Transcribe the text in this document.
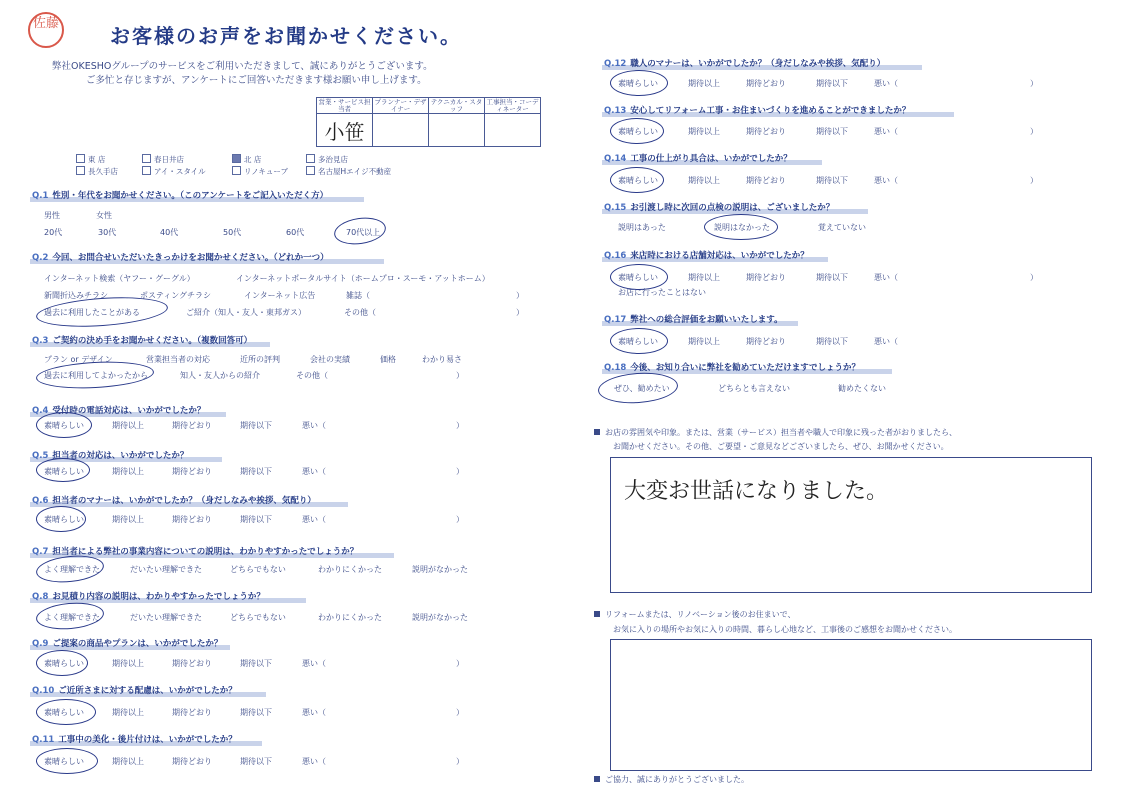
佐藤
お客様のお声をお聞かせください。
弊社OKESHOグループのサービスをご利用いただきまして、誠にありがとうございます。
ご多忙と存じますが、アンケートにご回答いただきます様お願い申し上げます。
営業・サービス担当者	プランナー・デザイナー	テクニカル・スタッフ	工事担当・コーディネーター
小笹			
東 店	春日井店	北 店	多治見店
長久手店	アイ・スタイル	リノキューブ	名古屋Hエイジ不動産
Q.1 性別・年代をお聞かせください。（このアンケートをご記入いただく方）
男性	女性
20代	30代	40代	50代	60代	70代以上
Q.2 今回、お問合せいただいたきっかけをお聞かせください。（どれか一つ）
インターネット検索（ヤフー・グーグル）	インターネットポータルサイト（ホームプロ・スーモ・アットホーム）
新聞折込みチラシ	ポスティングチラシ	インターネット広告	雑誌（	）
過去に利用したことがある	ご紹介（知人・友人・東邦ガス）	その他（	）
Q.3 ご契約の決め手をお聞かせください。（複数回答可）
プラン or デザイン	営業担当者の対応	近所の評判	会社の実績	価格	わかり易さ
過去に利用してよかったから	知人・友人からの紹介	その他（	）
Q.4 受付時の電話対応は、いかがでしたか？
素晴らしい	期待以上	期待どおり	期待以下	悪い（	）
Q.5 担当者の対応は、いかがでしたか？
素晴らしい	期待以上	期待どおり	期待以下	悪い（	）
Q.6 担当者のマナーは、いかがでしたか？（身だしなみや挨拶、気配り）
素晴らしい	期待以上	期待どおり	期待以下	悪い（	）
Q.7 担当者による弊社の事業内容についての説明は、わかりやすかったでしょうか？
よく理解できた	だいたい理解できた	どちらでもない	わかりにくかった	説明がなかった
Q.8 お見積り内容の説明は、わかりやすかったでしょうか？
よく理解できた	だいたい理解できた	どちらでもない	わかりにくかった	説明がなかった
Q.9 ご提案の商品やプランは、いかがでしたか？
素晴らしい	期待以上	期待どおり	期待以下	悪い（	）
Q.10 ご近所さまに対する配慮は、いかがでしたか？
素晴らしい	期待以上	期待どおり	期待以下	悪い（	）
Q.11 工事中の美化・後片付けは、いかがでしたか？
素晴らしい	期待以上	期待どおり	期待以下	悪い（	）
Q.12 職人のマナーは、いかがでしたか？（身だしなみや挨拶、気配り）
素晴らしい	期待以上	期待どおり	期待以下	悪い（	）
Q.13 安心してリフォーム工事・お住まいづくりを進めることができましたか？
素晴らしい	期待以上	期待どおり	期待以下	悪い（	）
Q.14 工事の仕上がり具合は、いかがでしたか？
素晴らしい	期待以上	期待どおり	期待以下	悪い（	）
Q.15 お引渡し時に次回の点検の説明は、ございましたか？
説明はあった	説明はなかった	覚えていない
Q.16 来店時における店舗対応は、いかがでしたか？
素晴らしい	期待以上	期待どおり	期待以下	悪い（	）
お店に行ったことはない
Q.17 弊社への総合評価をお願いいたします。
素晴らしい	期待以上	期待どおり	期待以下	悪い（
Q.18 今後、お知り合いに弊社を勧めていただけますでしょうか？
ぜひ、勧めたい	どちらとも言えない	勧めたくない
お店の雰囲気や印象。または、営業（サービス）担当者や職人で印象に残った者がおりましたら、
お聞かせください。その他、ご要望・ご意見などございましたら、ぜひ、お聞かせください。
大変お世話になりました。
リフォームまたは、リノベーション後のお住まいで、
お気に入りの場所やお気に入りの時間、暮らし心地など、工事後のご感想をお聞かせください。
ご協力、誠にありがとうございました。
